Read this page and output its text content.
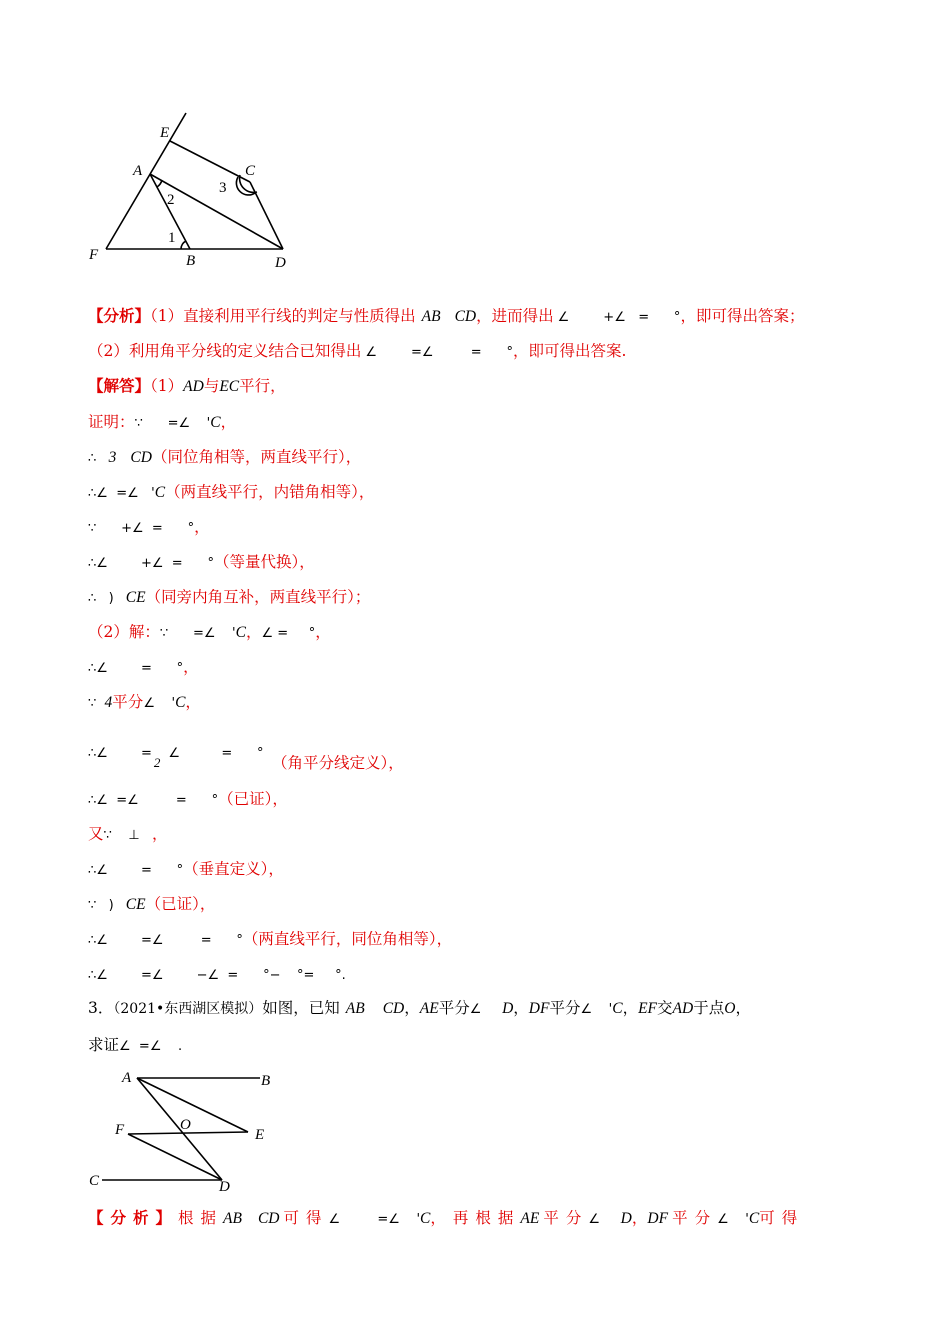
E
A	C
F	B	D
1
2
3
【分析】（1）直接利用平行线的判定与性质得出 AB CD，进而得出 ∠	+∠   =      °，即可得出答案；
（2）利用角平分线的定义结合已知得出 ∠	=∠         =      °，即可得出答案.
【解答】（1）AD与EC平行，
证明：∵      =∠    'C，
∴   3 CD（同位角相等，两直线平行），
∴∠  =∠   'C（两直线平行，内错角相等），
∵      +∠  =      °，
∴∠        +∠  =      °（等量代换），
∴   ) CE（同旁内角互补，两直线平行）；
（2）解：∵      =∠    'C，∠ =     °，
∴∠        =      °，
∵  4平分∠    'C，
∴∠        $=_2\angle$          =      °
（角平分线定义），
∴∠  =∠         =      °（已证），
又∵    ⊥   ，
∴∠        =      °（垂直定义），
∵   ) CE（已证），
∴∠        =∠         =      °（两直线平行，同位角相等），
∴∠        =∠        −∠  =      °−    °=     °.
3．（2021•东西湖区模拟）如图，已知 AB CD，AE平分∠     D，DF平分∠    'C，EF交AD于点O，
求证∠  =∠    .
A	B
F	O
E
C	D
【分析】根据AB CD 可得∠         =∠    'C，再根据AE 平分∠     D，DF 平分∠    'C可得
